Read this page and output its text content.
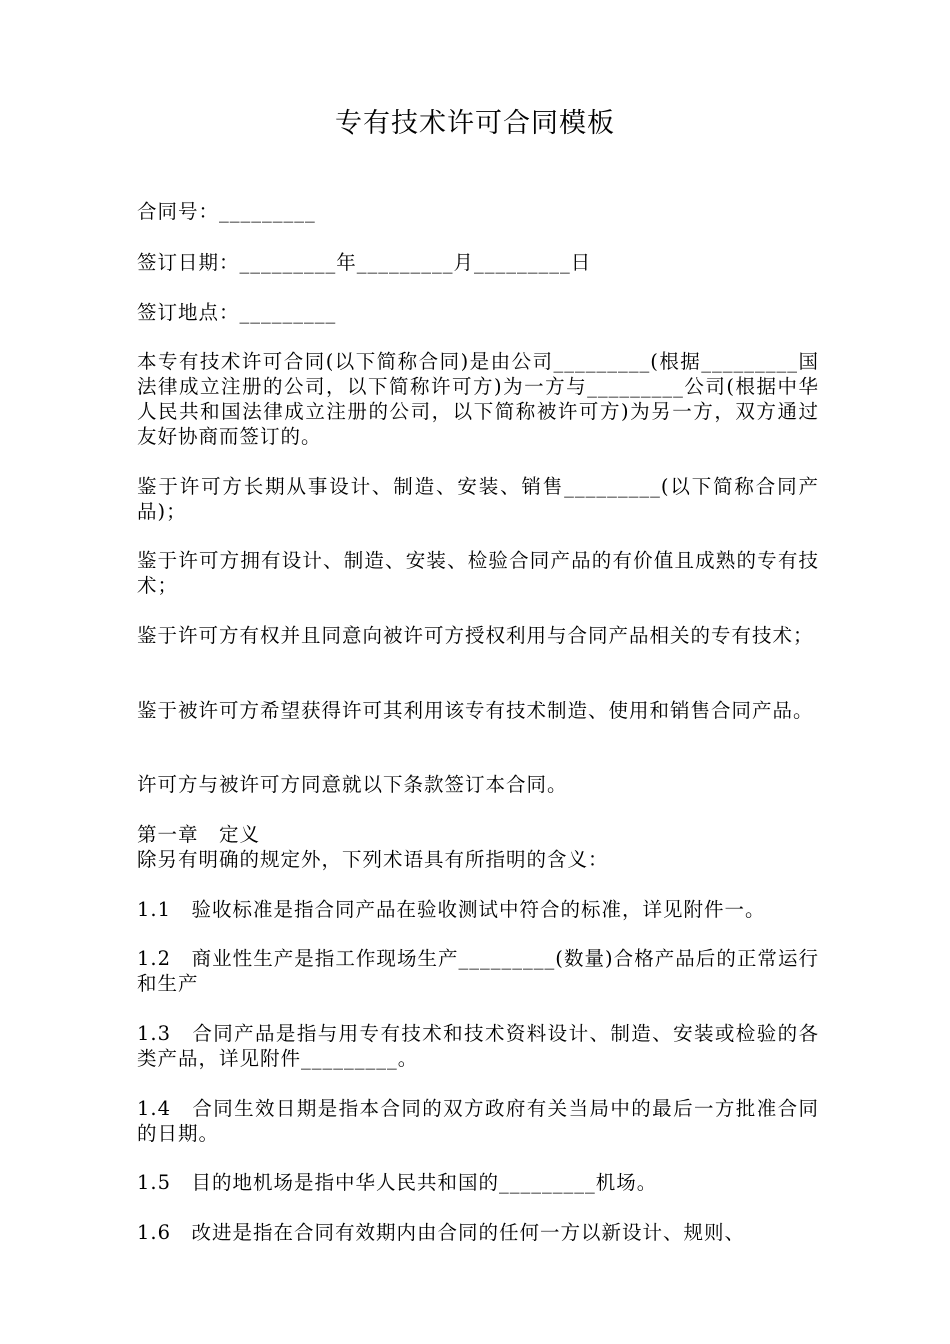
专有技术许可合同模板

合同号：_________

签订日期：_________年_________月_________日

签订地点：_________

本专有技术许可合同(以下简称合同)是由公司_________(根据_________国法律成立注册的公司，以下简称许可方)为一方与_________公司(根据中华人民共和国法律成立注册的公司，以下简称被许可方)为另一方，双方通过友好协商而签订的。

鉴于许可方长期从事设计、制造、安装、销售_________(以下简称合同产品)；

鉴于许可方拥有设计、制造、安装、检验合同产品的有价值且成熟的专有技术；

鉴于许可方有权并且同意向被许可方授权利用与合同产品相关的专有技术；

鉴于被许可方希望获得许可其利用该专有技术制造、使用和销售合同产品。

许可方与被许可方同意就以下条款签订本合同。

第一章　定义

除另有明确的规定外，下列术语具有所指明的含义：

1.1　验收标准是指合同产品在验收测试中符合的标准，详见附件一。

1.2　商业性生产是指工作现场生产_________(数量)合格产品后的正常运行和生产

1.3　合同产品是指与用专有技术和技术资料设计、制造、安装或检验的各类产品，详见附件_________。

1.4　合同生效日期是指本合同的双方政府有关当局中的最后一方批准合同的日期。

1.5　目的地机场是指中华人民共和国的_________机场。

1.6　改进是指在合同有效期内由合同的任何一方以新设计、规则、
